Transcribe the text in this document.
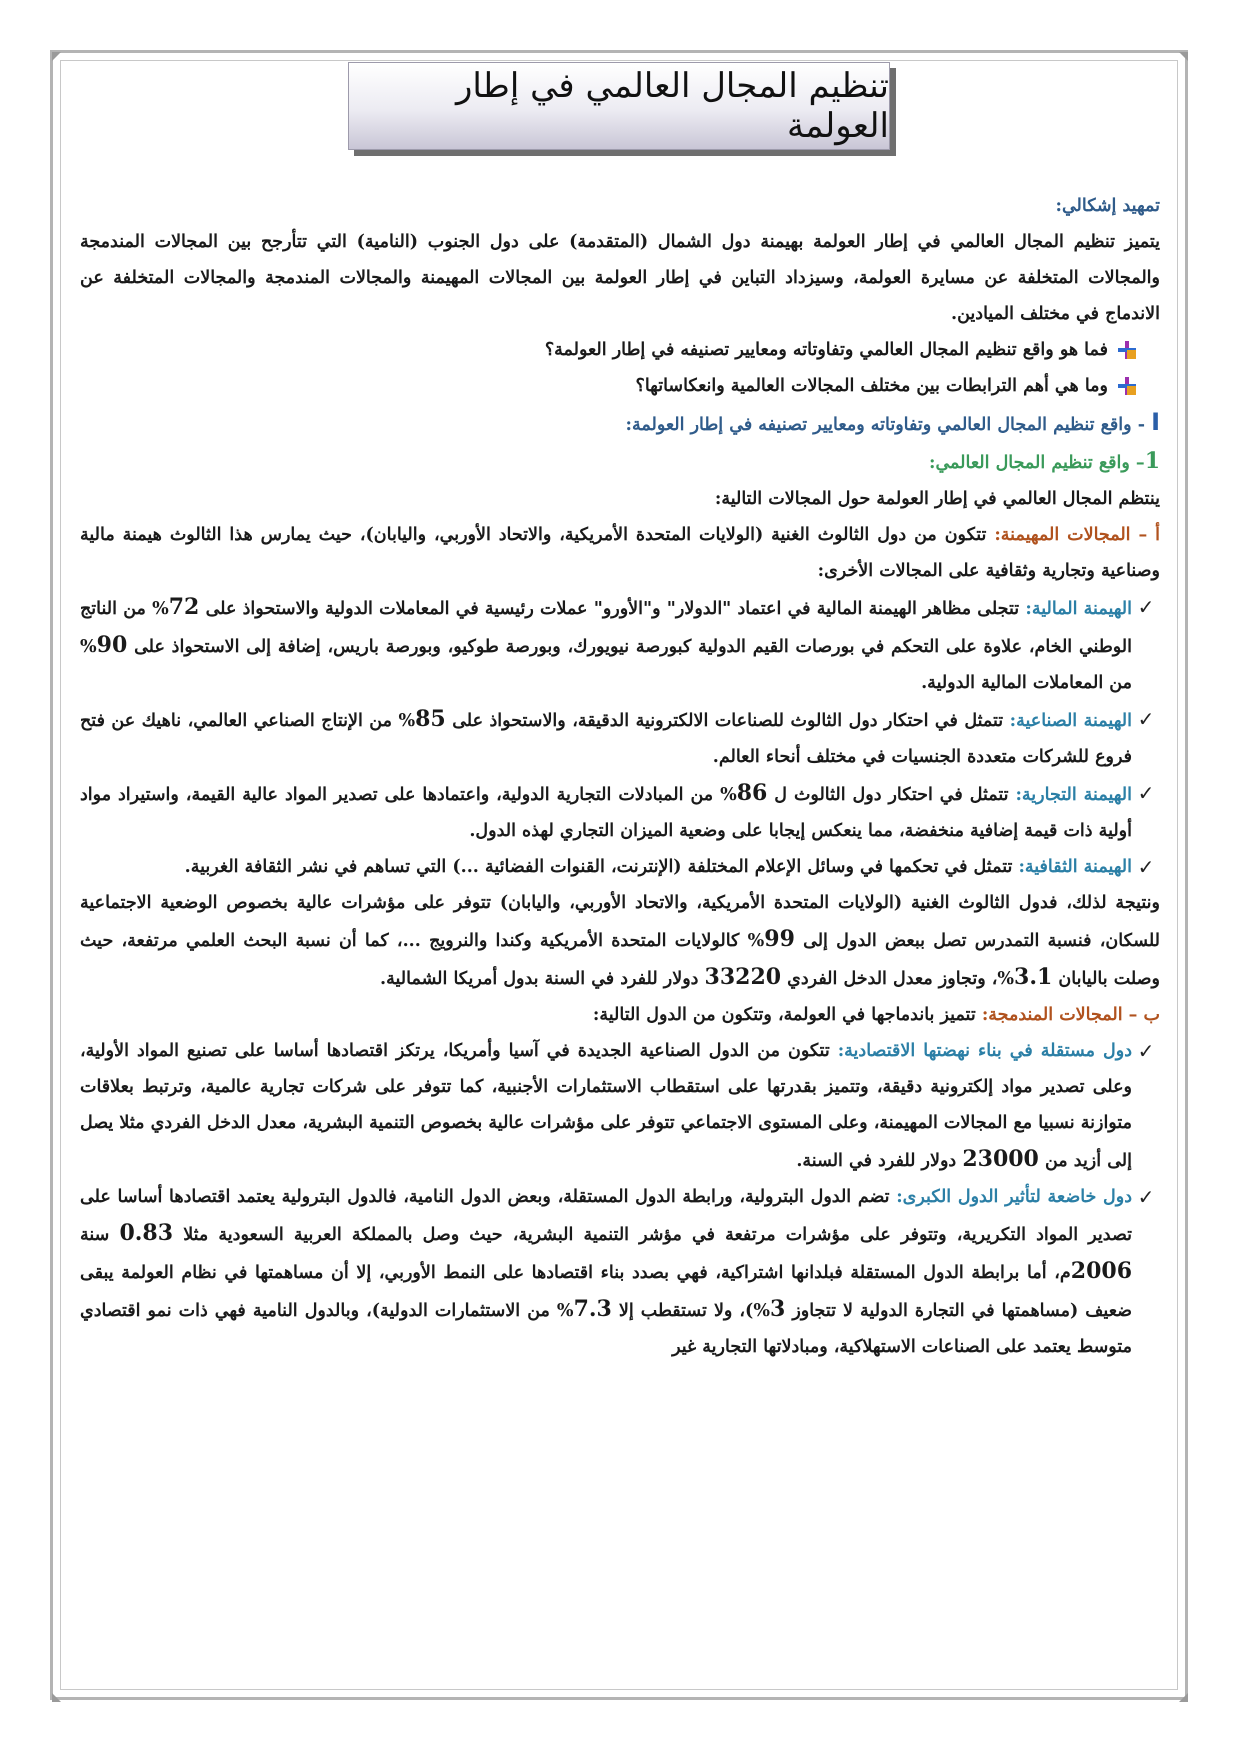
تنظيم المجال العالمي في إطار العولمة

تمهيد إشكالي:

يتميز تنظيم المجال العالمي في إطار العولمة بهيمنة دول الشمال (المتقدمة) على دول الجنوب (النامية) التي تتأرجح بين المجالات المندمجة والمجالات المتخلفة عن مسايرة العولمة، وسيزداد التباين في إطار العولمة بين المجالات المهيمنة والمجالات المندمجة والمجالات المتخلفة عن الاندماج في مختلف الميادين.

فما هو واقع تنظيم المجال العالمي وتفاوتاته ومعايير تصنيفه في إطار العولمة؟
وما هي أهم الترابطات بين مختلف المجالات العالمية وانعكاساتها؟

I - واقع تنظيم المجال العالمي وتفاوتاته ومعايير تصنيفه في إطار العولمة:

1– واقع تنظيم المجال العالمي:

ينتظم المجال العالمي في إطار العولمة حول المجالات التالية:

أ – المجالات المهيمنة: تتكون من دول الثالوث الغنية (الولايات المتحدة الأمريكية، والاتحاد الأوربي، واليابان)، حيث يمارس هذا الثالوث هيمنة مالية وصناعية وتجارية وثقافية على المجالات الأخرى:

✓
الهيمنة المالية: تتجلى مظاهر الهيمنة المالية في اعتماد "الدولار" و"الأورو" عملات رئيسية في المعاملات الدولية والاستحواذ على 72% من الناتج الوطني الخام، علاوة على التحكم في بورصات القيم الدولية كبورصة نيويورك، وبورصة طوكيو، وبورصة باريس، إضافة إلى الاستحواذ على 90% من المعاملات المالية الدولية.
✓
الهيمنة الصناعية: تتمثل في احتكار دول الثالوث للصناعات الالكترونية الدقيقة، والاستحواذ على 85% من الإنتاج الصناعي العالمي، ناهيك عن فتح فروع للشركات متعددة الجنسيات في مختلف أنحاء العالم.
✓
الهيمنة التجارية: تتمثل في احتكار دول الثالوث ل 86% من المبادلات التجارية الدولية، واعتمادها على تصدير المواد عالية القيمة، واستيراد مواد أولية ذات قيمة إضافية منخفضة، مما ينعكس إيجابا على وضعية الميزان التجاري لهذه الدول.
✓
الهيمنة الثقافية: تتمثل في تحكمها في وسائل الإعلام المختلفة (الإنترنت، القنوات الفضائية ...) التي تساهم في نشر الثقافة الغربية.

ونتيجة لذلك، فدول الثالوث الغنية (الولايات المتحدة الأمريكية، والاتحاد الأوربي، واليابان) تتوفر على مؤشرات عالية بخصوص الوضعية الاجتماعية للسكان، فنسبة التمدرس تصل ببعض الدول إلى 99% كالولايات المتحدة الأمريكية وكندا والنرويج ...، كما أن نسبة البحث العلمي مرتفعة، حيث وصلت باليابان 3.1%، وتجاوز معدل الدخل الفردي 33220 دولار للفرد في السنة بدول أمريكا الشمالية.

ب – المجالات المندمجة: تتميز باندماجها في العولمة، وتتكون من الدول التالية:

✓
دول مستقلة في بناء نهضتها الاقتصادية: تتكون من الدول الصناعية الجديدة في آسيا وأمريكا، يرتكز اقتصادها أساسا على تصنيع المواد الأولية، وعلى تصدير مواد إلكترونية دقيقة، وتتميز بقدرتها على استقطاب الاستثمارات الأجنبية، كما تتوفر على شركات تجارية عالمية، وترتبط بعلاقات متوازنة نسبيا مع المجالات المهيمنة، وعلى المستوى الاجتماعي تتوفر على مؤشرات عالية بخصوص التنمية البشرية، معدل الدخل الفردي مثلا يصل إلى أزيد من 23000 دولار للفرد في السنة.
✓
دول خاضعة لتأثير الدول الكبرى: تضم الدول البترولية، ورابطة الدول المستقلة، وبعض الدول النامية، فالدول البترولية يعتمد اقتصادها أساسا على تصدير المواد التكريرية، وتتوفر على مؤشرات مرتفعة في مؤشر التنمية البشرية، حيث وصل بالمملكة العربية السعودية مثلا 0.83 سنة 2006م، أما برابطة الدول المستقلة فبلدانها اشتراكية، فهي بصدد بناء اقتصادها على النمط الأوربي، إلا أن مساهمتها في نظام العولمة يبقى ضعيف (مساهمتها في التجارة الدولية لا تتجاوز 3%)، ولا تستقطب إلا 7.3% من الاستثمارات الدولية)، وبالدول النامية فهي ذات نمو اقتصادي متوسط يعتمد على الصناعات الاستهلاكية، ومبادلاتها التجارية غير
